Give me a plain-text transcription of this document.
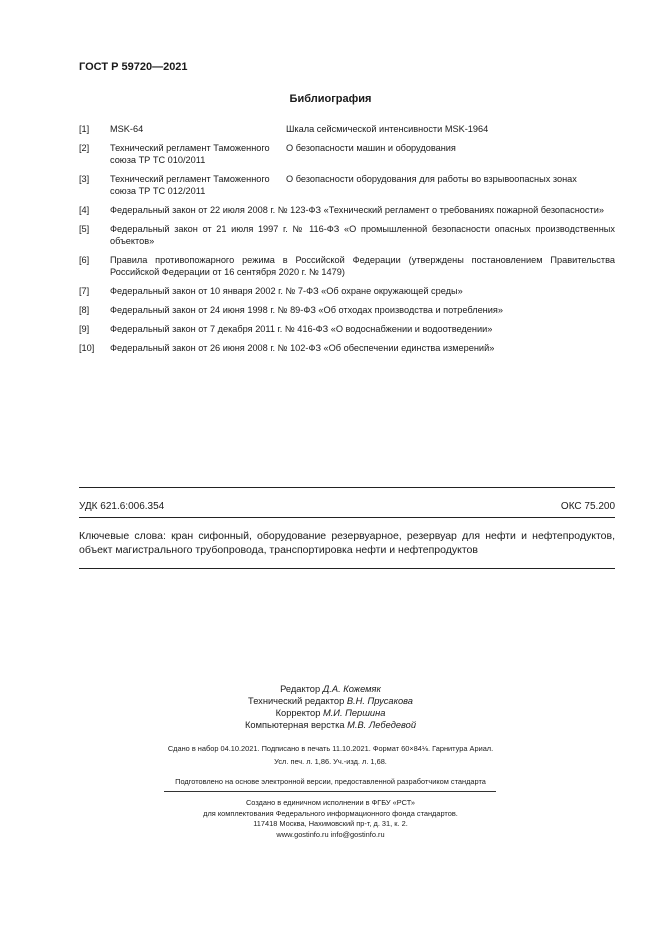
ГОСТ Р 59720—2021
Библиография
[1] MSK-64	Шкала сейсмической интенсивности MSK-1964
[2] Технический регламент Таможенного союза ТР ТС 010/2011
О безопасности машин и оборудования
[3] Технический регламент Таможенного союза ТР ТС 012/2011
О безопасности оборудования для работы во взрывоопасных зонах
[4] Федеральный закон от 22 июля 2008 г. № 123-ФЗ «Технический регламент о требованиях пожарной безопасности»
[5] Федеральный закон от 21 июля 1997 г. № 116-ФЗ «О промышленной безопасности опасных производственных объектов»
[6] Правила противопожарного режима в Российской Федерации (утверждены постановлением Правительства Российской Федерации от 16 сентября 2020 г. № 1479)
[7] Федеральный закон от 10 января 2002 г. № 7-ФЗ «Об охране окружающей среды»
[8] Федеральный закон от 24 июня 1998 г. № 89-ФЗ «Об отходах производства и потребления»
[9] Федеральный закон от 7 декабря 2011 г. № 416-ФЗ «О водоснабжении и водоотведении»
[10] Федеральный закон от 26 июня 2008 г. № 102-ФЗ «Об обеспечении единства измерений»
УДК 621.6:006.354	ОКС 75.200
Ключевые слова: кран сифонный, оборудование резервуарное, резервуар для нефти и нефтепродуктов, объект магистрального трубопровода, транспортировка нефти и нефтепродуктов
Редактор Д.А. Кожемяк
Технический редактор В.Н. Прусакова
Корректор М.И. Першина
Компьютерная верстка М.В. Лебедевой
Сдано в набор 04.10.2021. Подписано в печать 11.10.2021. Формат 60×84⅛. Гарнитура Ариал.
Усл. печ. л. 1,86. Уч.-изд. л. 1,68.
Подготовлено на основе электронной версии, предоставленной разработчиком стандарта
Создано в единичном исполнении в ФГБУ «РСТ»
для комплектования Федерального информационного фонда стандартов.
117418 Москва, Нахимовский пр-т, д. 31, к. 2.
www.gostinfo.ru info@gostinfo.ru
